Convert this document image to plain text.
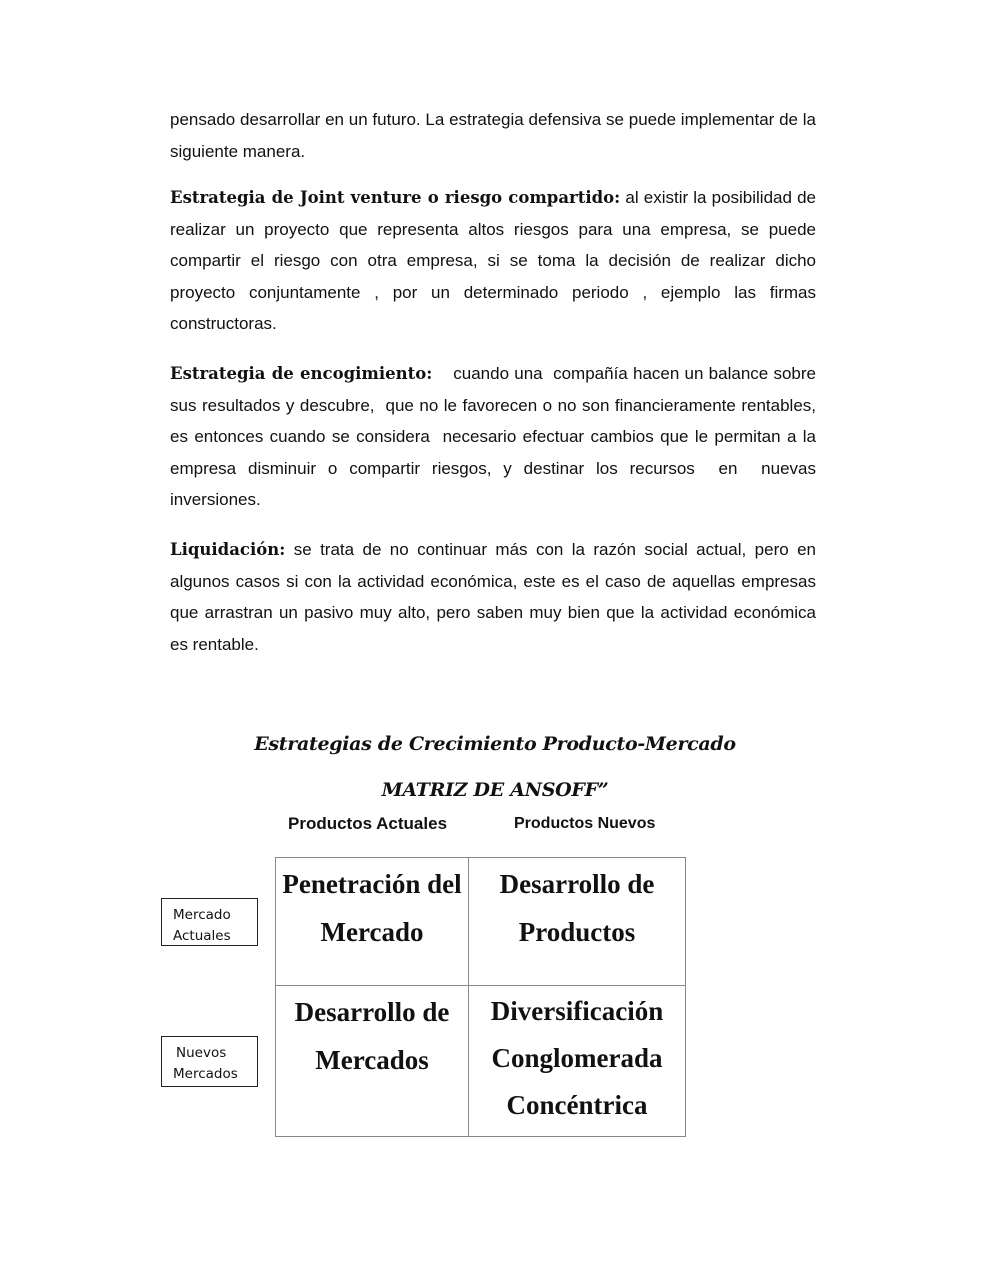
pensado desarrollar en un futuro. La estrategia defensiva se puede implementar de la siguiente manera.

Estrategia de Joint venture o riesgo compartido: al existir la posibilidad de realizar un proyecto que representa altos riesgos para una empresa, se puede compartir el riesgo con otra empresa, si se toma la decisión de realizar dicho proyecto conjuntamente , por un determinado periodo , ejemplo las firmas constructoras.

Estrategia de encogimiento:    cuando una  compañía hacen un balance sobre sus resultados y descubre,  que no le favorecen o no son financieramente rentables,  es entonces cuando se considera  necesario efectuar cambios que le permitan a la empresa disminuir o compartir riesgos, y destinar los recursos  en  nuevas inversiones.

Liquidación: se trata de no continuar más con la razón social actual, pero en algunos casos si con la actividad económica, este es el caso de aquellas empresas que arrastran un pasivo muy alto, pero saben muy bien que la actividad económica es rentable.

Estrategias de Crecimiento Producto-Mercado
MATRIZ DE ANSOFF”
Productos Actuales	Productos Nuevos
Mercado
Actuales
Nuevos
Mercados
Penetración del
Mercado
Desarrollo de
Productos
Desarrollo de
Mercados
Diversificación
Conglomerada
Concéntrica
